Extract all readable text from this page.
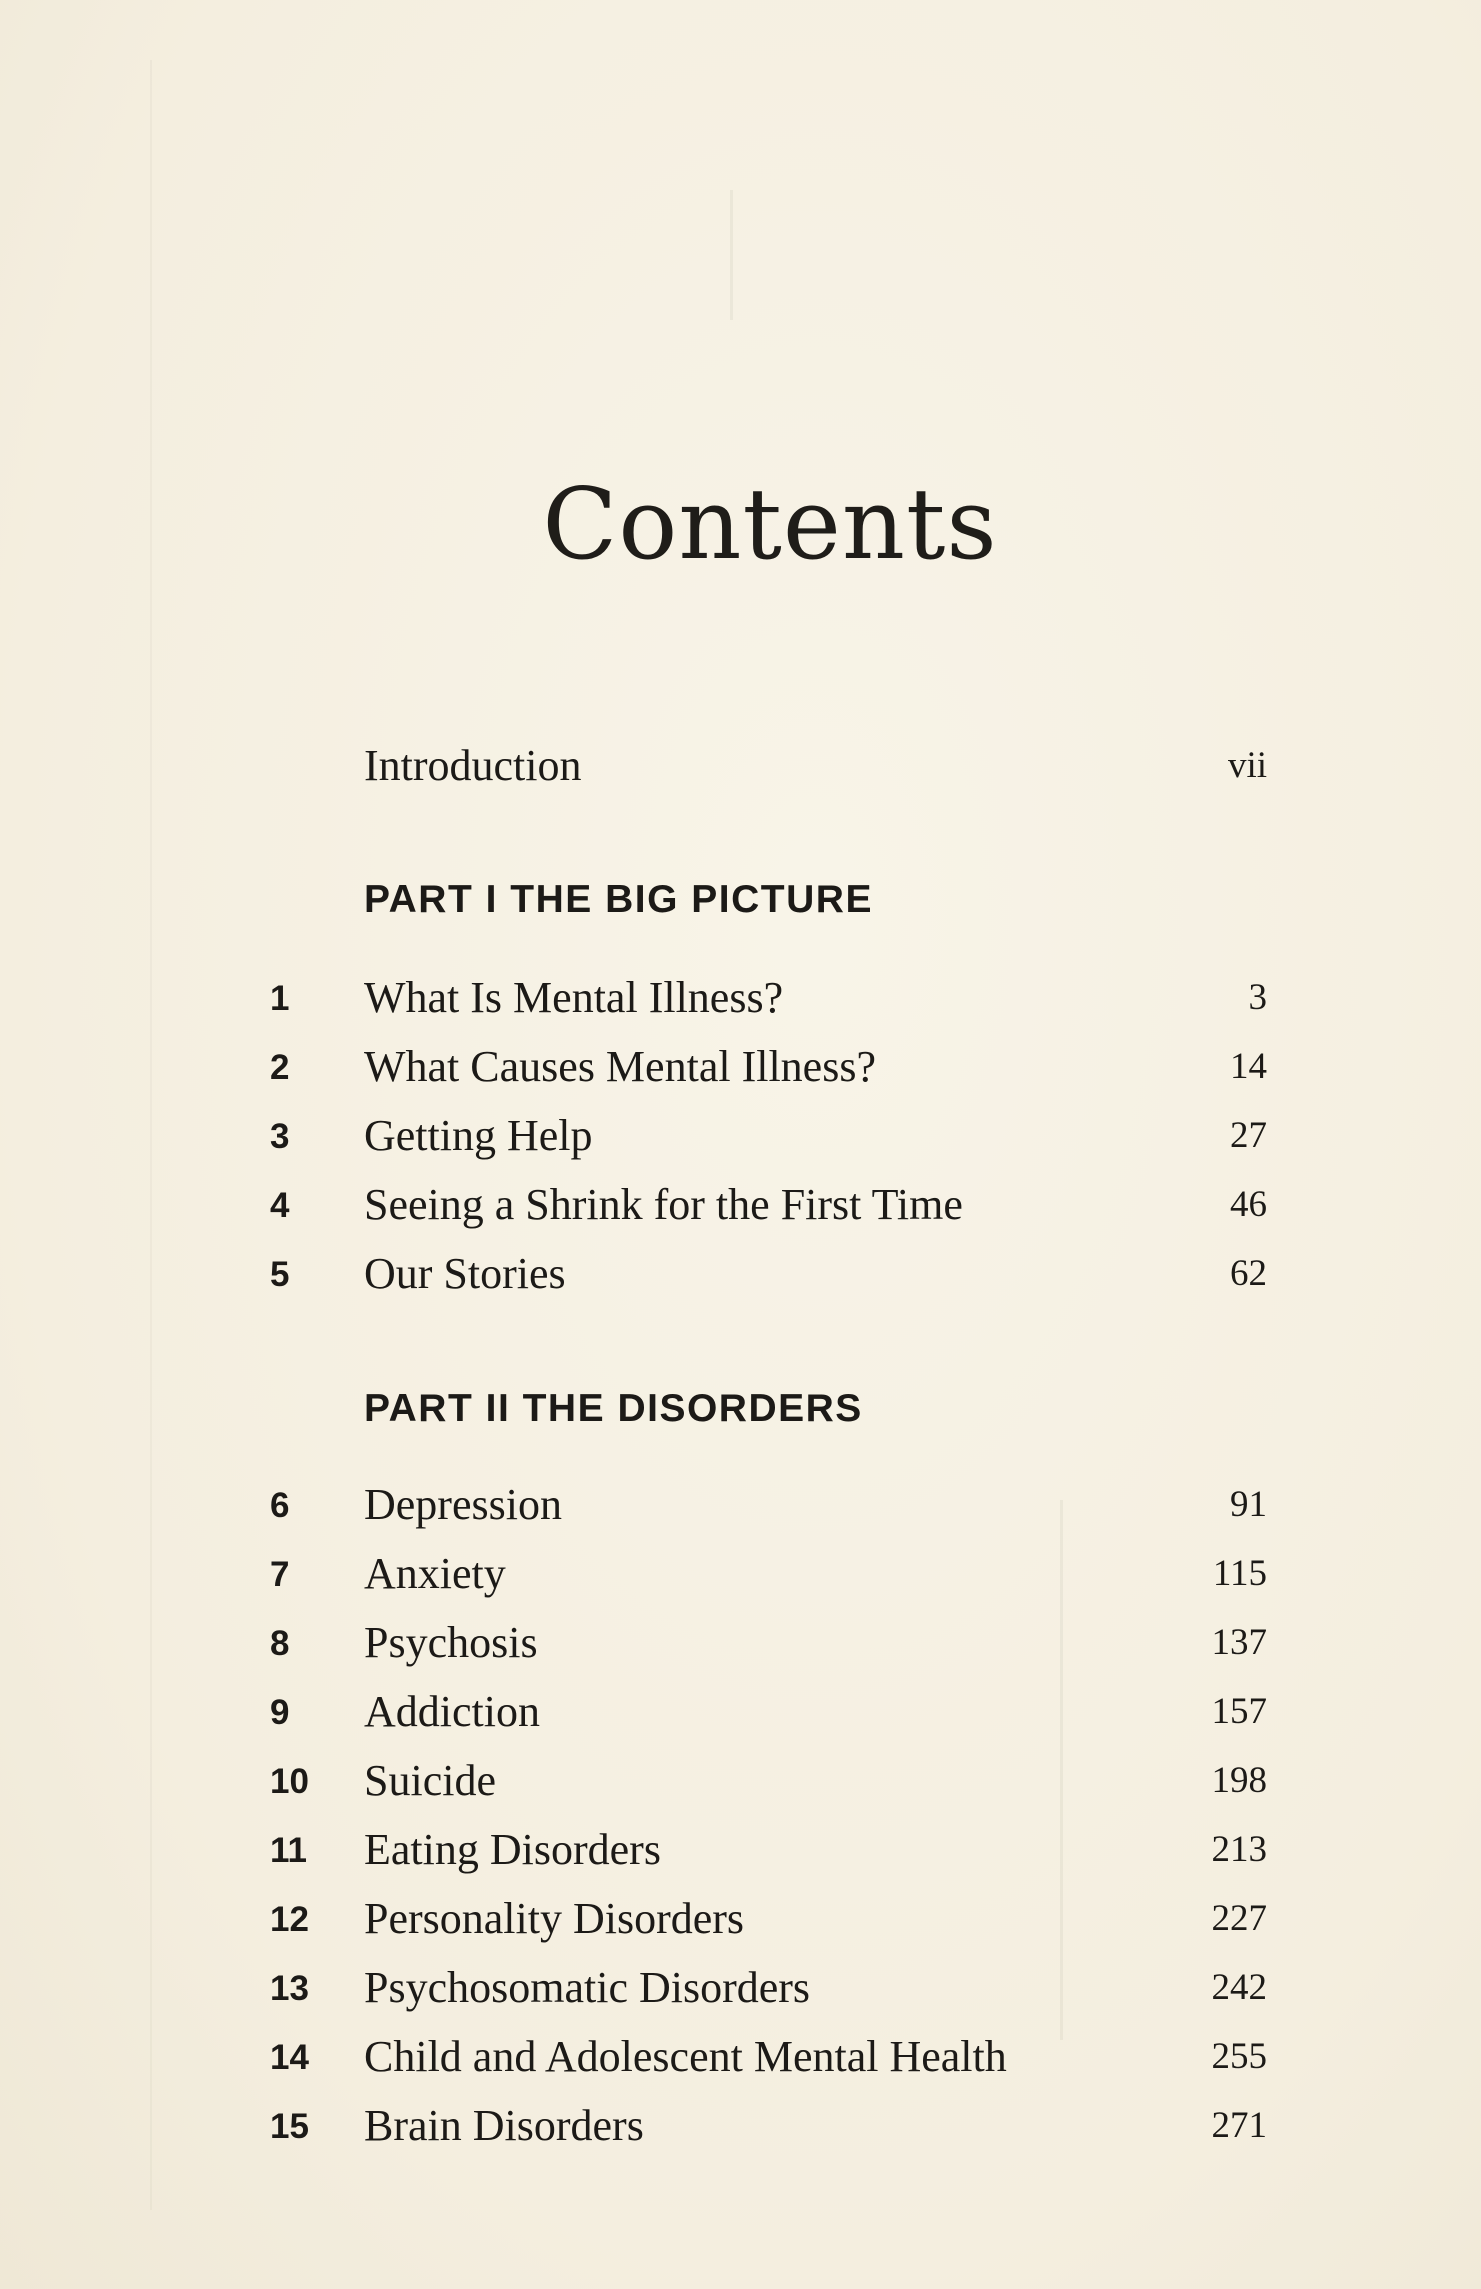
Contents
Introduction	vii
PART I THE BIG PICTURE
1	What Is Mental Illness?	3
2	What Causes Mental Illness?	14
3	Getting Help	27
4	Seeing a Shrink for the First Time	46
5	Our Stories	62
PART II THE DISORDERS
6	Depression	91
7	Anxiety	115
8	Psychosis	137
9	Addiction	157
10	Suicide	198
11	Eating Disorders	213
12	Personality Disorders	227
13	Psychosomatic Disorders	242
14	Child and Adolescent Mental Health	255
15	Brain Disorders	271
